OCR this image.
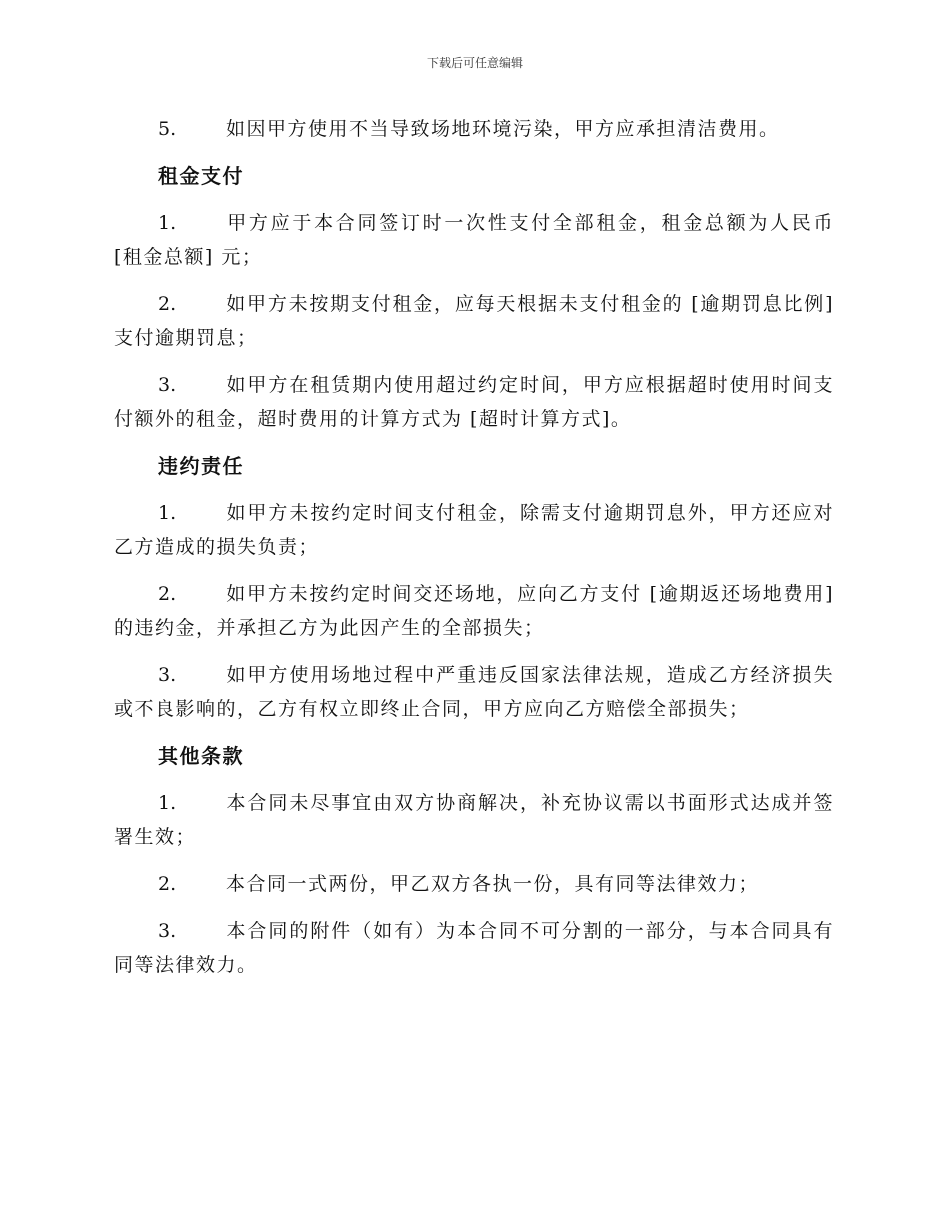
下载后可任意编辑
5.	如因甲方使用不当导致场地环境污染，甲方应承担清洁费用。
租金支付
1.	甲方应于本合同签订时一次性支付全部租金，租金总额为人民币 [租金总额] 元；
2.	如甲方未按期支付租金，应每天根据未支付租金的 [逾期罚息比例] 支付逾期罚息；
3.	如甲方在租赁期内使用超过约定时间，甲方应根据超时使用时间支付额外的租金，超时费用的计算方式为 [超时计算方式]。
违约责任
1.	如甲方未按约定时间支付租金，除需支付逾期罚息外，甲方还应对乙方造成的损失负责；
2.	如甲方未按约定时间交还场地，应向乙方支付 [逾期返还场地费用] 的违约金，并承担乙方为此因产生的全部损失；
3.	如甲方使用场地过程中严重违反国家法律法规，造成乙方经济损失或不良影响的，乙方有权立即终止合同，甲方应向乙方赔偿全部损失；
其他条款
1.	本合同未尽事宜由双方协商解决，补充协议需以书面形式达成并签署生效；
2.	本合同一式两份，甲乙双方各执一份，具有同等法律效力；
3.	本合同的附件（如有）为本合同不可分割的一部分，与本合同具有同等法律效力。
